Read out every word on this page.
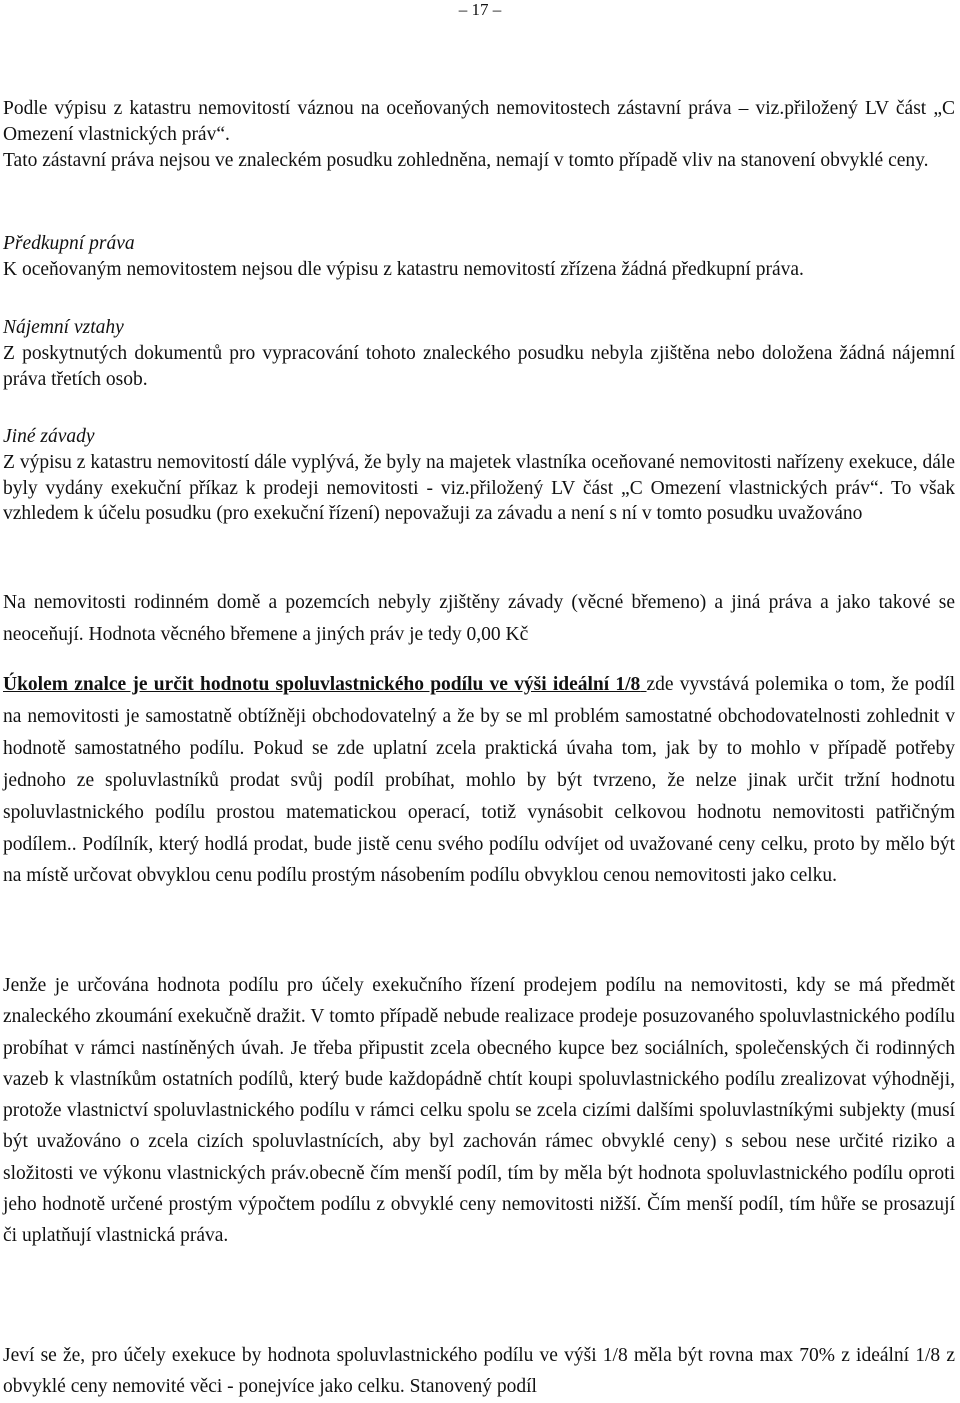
– 17 –
Podle výpisu z katastru nemovitostí váznou na oceňovaných nemovitostech zástavní práva – viz.přiložený LV část „C Omezení vlastnických práv“.
Tato zástavní práva nejsou ve znaleckém posudku zohledněna, nemají v tomto případě vliv na stanovení obvyklé ceny.
Předkupní práva
K oceňovaným nemovitostem nejsou dle výpisu z katastru nemovitostí zřízena žádná předkupní práva.
Nájemní vztahy
Z poskytnutých dokumentů pro vypracování tohoto znaleckého posudku nebyla zjištěna nebo doložena žádná nájemní práva třetích osob.
Jiné závady
Z výpisu z katastru nemovitostí dále vyplývá, že byly na majetek vlastníka oceňované nemovitosti nařízeny exekuce, dále byly vydány exekuční příkaz k prodeji nemovitosti - viz.přiložený LV část „C Omezení vlastnických práv“. To však vzhledem k účelu posudku (pro exekuční řízení) nepovažuji za závadu a není s ní v tomto posudku uvažováno
Na nemovitosti rodinném domě a pozemcích nebyly zjištěny závady (věcné břemeno) a jiná práva a jako takové se neoceňují. Hodnota věcného břemene a jiných práv je tedy 0,00 Kč
Úkolem znalce je určit hodnotu spoluvlastnického podílu ve výši ideální 1/8 zde vyvstává polemika o tom, že podíl na nemovitosti je samostatně obtížněji obchodovatelný a že by se ml problém samostatné obchodovatelnosti zohlednit v hodnotě samostatného podílu. Pokud se zde uplatní zcela praktická úvaha tom, jak by to mohlo v případě potřeby jednoho ze spoluvlastníků prodat svůj podíl probíhat, mohlo by být tvrzeno, že nelze jinak určit tržní hodnotu spoluvlastnického podílu prostou matematickou operací, totiž vynásobit celkovou hodnotu nemovitosti patřičným podílem.. Podílník, který hodlá prodat, bude jistě cenu svého podílu odvíjet od uvažované ceny celku, proto by mělo být na místě určovat obvyklou cenu podílu prostým násobením podílu obvyklou cenou nemovitosti jako celku.
Jenže je určována hodnota podílu pro účely exekučního řízení prodejem podílu na nemovitosti, kdy se má předmět znaleckého zkoumání exekučně dražit. V tomto případě nebude realizace prodeje posuzovaného spoluvlastnického podílu probíhat v rámci nastíněných úvah. Je třeba připustit zcela obecného kupce bez sociálních, společenských či rodinných vazeb k vlastníkům ostatních podílů, který bude každopádně chtít koupi spoluvlastnického podílu zrealizovat výhodněji, protože vlastnictví spoluvlastnického podílu v rámci celku spolu se zcela cizími dalšími spoluvlastníkými subjekty (musí být uvažováno o zcela cizích spoluvlastnících, aby byl zachován rámec obvyklé ceny) s sebou nese určité riziko a složitosti ve výkonu vlastnických práv.obecně čím menší podíl, tím by měla být hodnota spoluvlastnického podílu oproti jeho hodnotě určené prostým výpočtem podílu z obvyklé ceny nemovitosti nižší. Čím menší podíl, tím hůře se prosazují či uplatňují vlastnická práva.
Jeví se že, pro účely exekuce by hodnota spoluvlastnického podílu ve výši 1/8 měla být rovna max 70% z ideální 1/8 z obvyklé ceny nemovité věci - ponejvíce jako celku. Stanovený podíl
